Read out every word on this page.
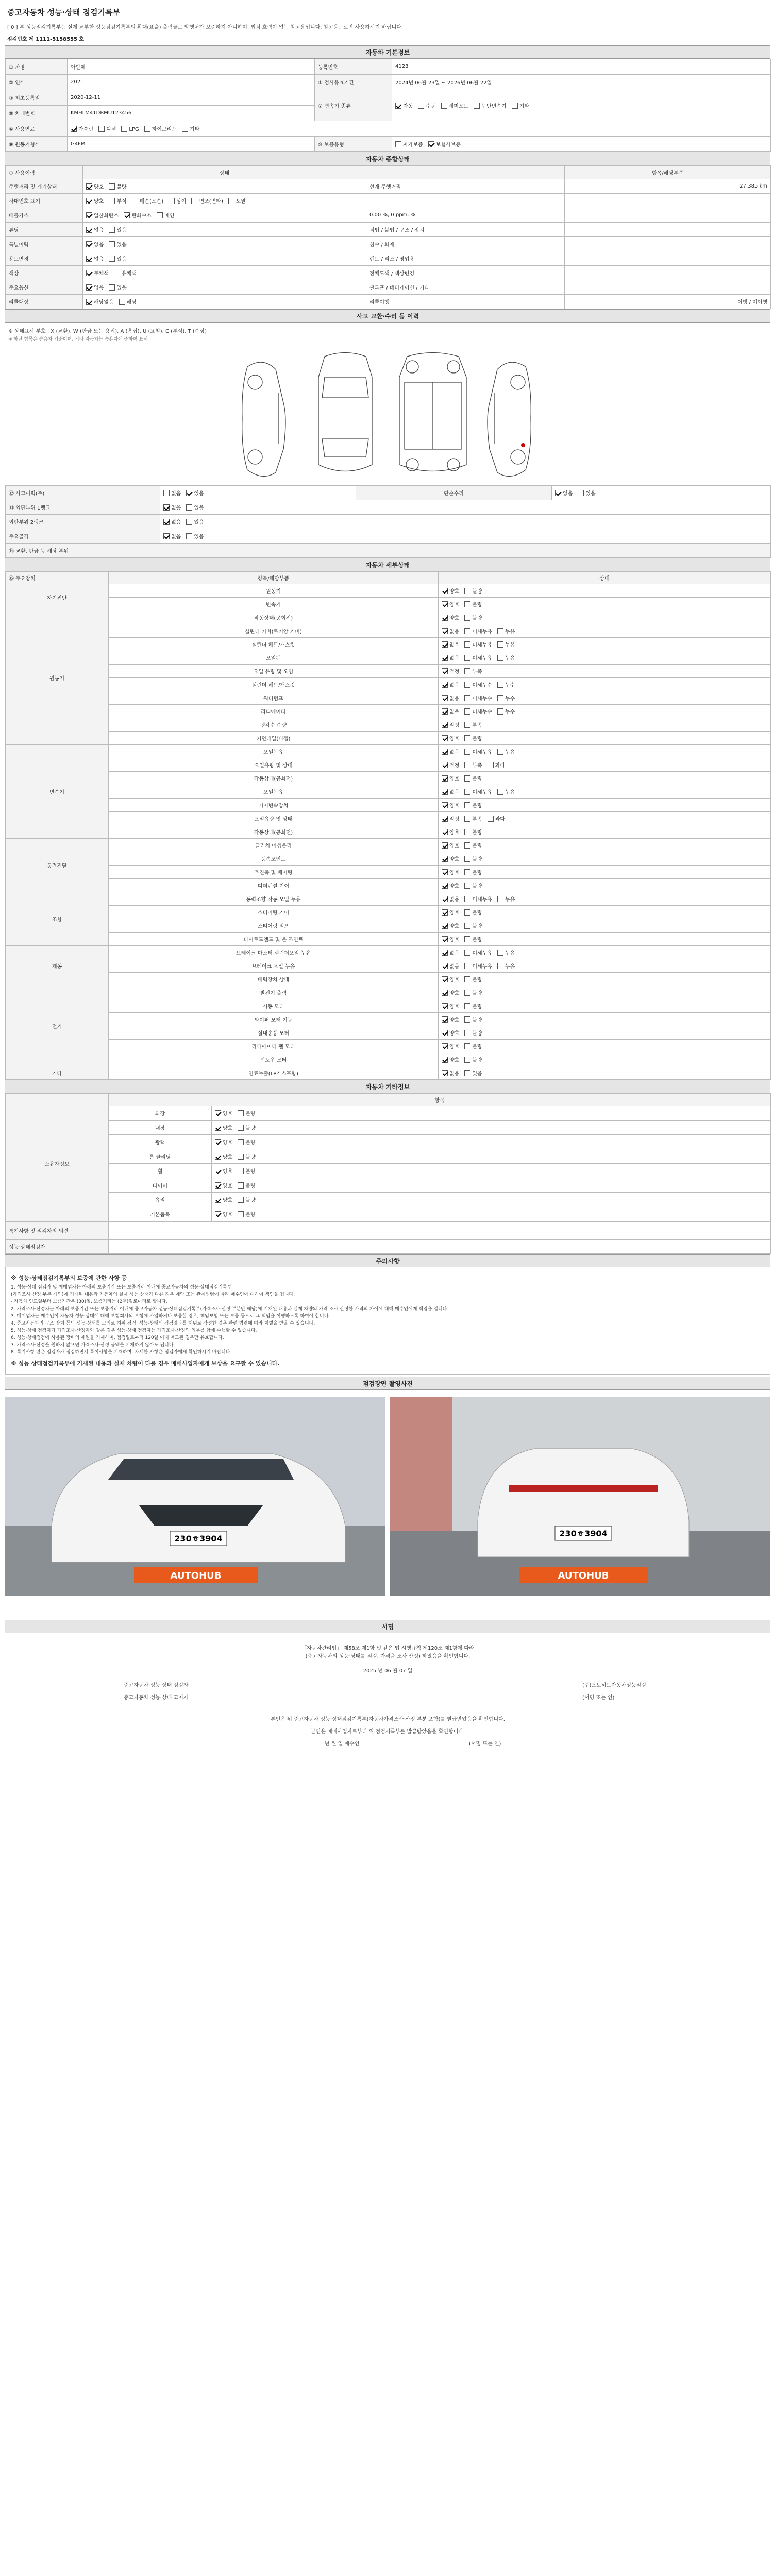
중고자동차 성능·상태 점검기록부
[ 0 ] 본 성능점검기록부는 실제 교부한 성능점검기록부의 확대(표출) 출력물로 발행처가 보증하지 아니하며, 법적 효력이 없는 참고용입니다. 참고용으로만 사용하시기 바랍니다.
점검번호 제 1111-5158555 호
자동차 기본정보
① 차명	아반떼	등록번호	4123
② 연식	2021	⑧ 검사유효기간	2024년 06월 23일 ~ 2026년 06월 22일
③ 최초등록일	2020-12-11	⑦ 변속기 종류	자동 수동 세미오토 무단변속기 기타
⑤ 차대번호	KMHLM41DBMU123456		
⑥ 사용연료	가솔린 디젤 LPG 하이브리드 기타		
⑨ 원동기형식	G4FM	⑩ 보증유형	자가보증 보험사보증
자동차 종합상태
① 사용이력	상태		항목/해당부품
주행거리 및 계기상태	양호 불량	현재 주행거리	27,385 km
차대번호 표기	양호 부식 훼손(오손) 상이 변조(변타) 도말		
배출가스	일산화탄소 탄화수소 매연	0.00 %, 0 ppm, %	
튜닝	없음 있음	적법 / 불법 / 구조 / 장치	
특별이력	없음 있음	침수 / 화재	
용도변경	없음 있음	렌트 / 리스 / 영업용	
색상	무채색 유채색	전체도색 / 색상변경	
주요옵션	없음 있음	썬루프 / 네비게이션 / 기타	
리콜대상	해당없음 해당	리콜이행	이행 / 미이행
사고 교환·수리 등 이력
※ 상태표시 부호 : X (교환), W (판금 또는 용접), A (흠집), U (요철), C (부식), T (손상)
※ 하단 항목은 승용차 기준이며, 기타 자동차는 승용차에 준하여 표시
⑫ 사고이력(주)	없음 있음	단순수리	없음 있음
⑬ 외판부위 1랭크	없음 있음		
외판부위 2랭크	없음 있음		
주요골격	없음 있음		
⑭ 교환, 판금 등 해당 부위			
자동차 세부상태
⑮ 주요장치	항목/해당부품	상태
자기진단	원동기	양호 불량
	변속기	양호 불량
원동기	작동상태(공회전)	양호 불량
	실린더 커버(로커암 커버)	없음 미세누유 누유
	실린더 헤드/개스킷	없음 미세누유 누유
	오일팬	없음 미세누유 누유
	오일 유량 및 오염	적정 부족
	실린더 헤드/개스킷	없음 미세누수 누수
	워터펌프	없음 미세누수 누수
	라디에이터	없음 미세누수 누수
	냉각수 수량	적정 부족
	커먼레일(디젤)	양호 불량
변속기	오일누유	없음 미세누유 누유
	오일유량 및 상태	적정 부족 과다
	작동상태(공회전)	양호 불량
	오일누유	없음 미세누유 누유
	기어변속장치	양호 불량
	오일유량 및 상태	적정 부족 과다
	작동상태(공회전)	양호 불량
동력전달	클러치 어셈블리	양호 불량
	등속조인트	양호 불량
	추진축 및 베어링	양호 불량
	디퍼렌셜 기어	양호 불량
조향	동력조향 작동 오일 누유	없음 미세누유 누유
	스티어링 기어	양호 불량
	스티어링 펌프	양호 불량
	타이로드엔드 및 볼 조인트	양호 불량
제동	브레이크 마스터 실린더오일 누유	없음 미세누유 누유
	브레이크 오일 누유	없음 미세누유 누유
	배력장치 상태	양호 불량
전기	발전기 출력	양호 불량
	시동 모터	양호 불량
	와이퍼 모터 기능	양호 불량
	실내송풍 모터	양호 불량
	라디에이터 팬 모터	양호 불량
	윈도우 모터	양호 불량
기타	연료누출(LP가스포함)	없음 있음
자동차 기타정보
	항목	
소유자정보	외장	양호 불량
	내장	양호 불량
	광택	양호 불량
	룸 클리닝	양호 불량
	휠	양호 불량
	타이어	양호 불량
	유리	양호 불량
	기본품목	양호 불량
특기사항 및 점검자의 의견	
성능·상태점검자	
주의사항
※ 성능·상태점검기록부의 보증에 관한 사항 등

1. 성능·상태 점검자 및 매매업자는 아래의 보증기간 또는 보증거리 이내에 중고자동차의 성능·상태점검기록부

(가격조사·산정 부분 제외)에 기재된 내용과 자동차의 실제 성능·상태가 다른 경우 계약 또는 관계법령에 따라 매수인에 대하여 책임을 집니다.

- 자동차 인도일부터 보증기간은 (30)일, 보증거리는 (2천)킬로미터로 합니다.

2. 가격조사·산정자는 아래의 보증기간 또는 보증거리 이내에 중고자동차 성능·상태점검기록부(가격조사·산정 부분만 해당)에 기재된 내용과 실제 차량의 가격 조사·산정한 가격의 차이에 대해 매수인에게 책임을 집니다.

3. 매매업자는 매수인이 자동차 성능·상태에 대해 보험회사의 보험에 가입하거나 보증할 경우, 책임보험 또는 보증 등으로 그 책임을 이행하도록 하여야 합니다.

4. 중고자동차의 구조·장치 등의 성능·상태를 고의로 허위 점검, 성능·상태의 점검결과를 허위로 작성한 경우 관련 법령에 따라 처벌을 받을 수 있습니다.

5. 성능·상태 점검자가 가격조사·산정자와 같은 경우 성능·상태 점검자는 가격조사·산정의 업무를 함께 수행할 수 있습니다.

6. 성능·상태점검에 사용된 장비의 제원을 기재하며, 점검일로부터 120일 이내 매도된 경우만 유효합니다.

7. 가격조사·산정을 원하지 않으면 가격조사·산정 금액을 기재하지 않아도 됩니다.

8. 특기사항 란은 점검자가 점검하면서 특이사항을 기재하며, 자세한 사항은 점검자에게 확인하시기 바랍니다.

※ 성능 상태점검기록부에 기재된 내용과 실제 차량이 다를 경우 매매사업자에게 보상을 요구할 수 있습니다.
점검장면 촬영사진
230ㅎ3904
AUTOHUB
230ㅎ3904
AUTOHUB
서명
「자동차관리법」 제58조 제1항 및 같은 법 시행규칙 제120조 제1항에 따라
(중고자동차의 성능·상태를 점검, 가격을 조사·산정) 하였음을 확인합니다.
2025 년 06 월 07 일
중고자동차 성능·상태 점검자	(주)오토허브자동차성능점검
중고자동차 성능·상태 고지자	(서명 또는 인)
본인은 위 중고자동차 성능·상태점검기록부(자동차가격조사·산정 부분 포함)를 발급받았음을 확인합니다.
본인은 매매사업자로부터 위 점검기록부를 발급받았음을 확인합니다.
년 월 일 매수인	(서명 또는 인)
